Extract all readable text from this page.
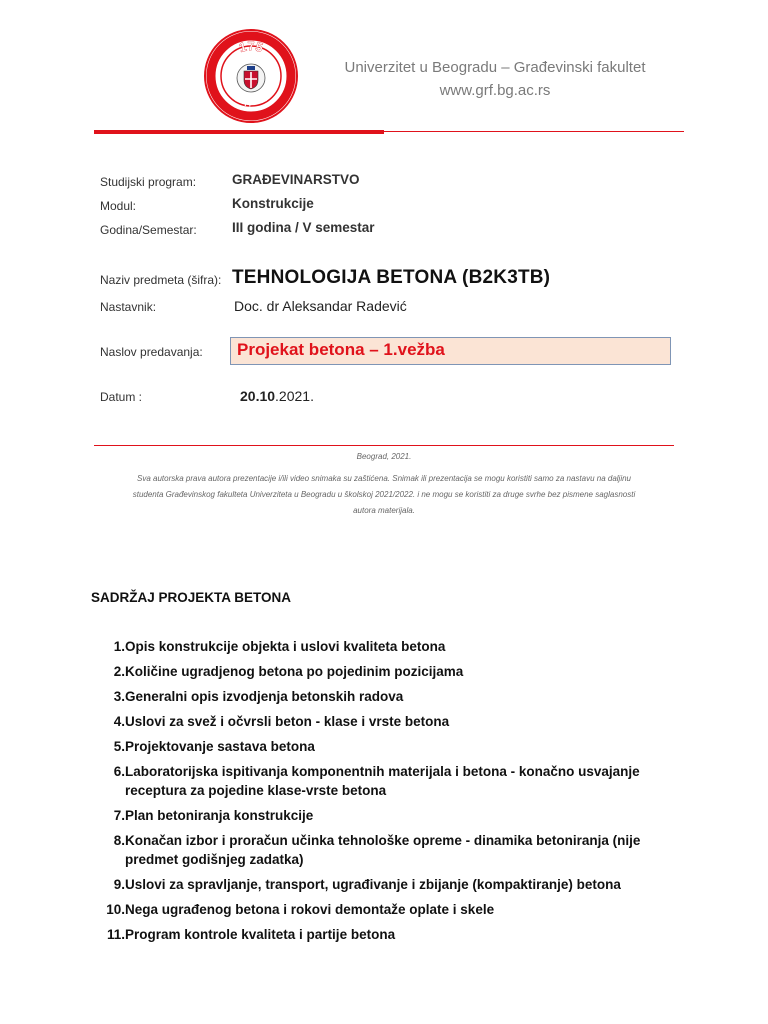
175
ГОДИНА
Univerzitet u Beogradu – Građevinski fakultet
www.grf.bg.ac.rs
Studijski program:	GRAĐEVINARSTVO
Modul:	Konstrukcije
Godina/Semestar:	III godina / V semestar
Naziv predmeta (šifra): TEHNOLOGIJA BETONA (B2K3TB)
Nastavnik:	Doc. dr Aleksandar Radević
Naslov predavanja: Projekat betona – 1.vežba
Datum :	20.10.2021.
Beograd, 2021.
Sva autorska prava autora prezentacije i/ili video snimaka su zaštićena. Snimak ili prezentacija se mogu koristiti samo za nastavu na daljinu
studenta Građevinskog fakulteta Univerziteta u Beogradu u školskoj 2021/2022. i ne mogu se koristiti za druge svrhe bez pismene saglasnosti
autora materijala.
SADRŽAJ PROJEKTA BETONA
1. Opis konstrukcije objekta i uslovi kvaliteta betona
2. Količine ugradjenog betona po pojedinim pozicijama
3. Generalni opis izvodjenja betonskih radova
4. Uslovi za svež i očvrsli beton - klase i vrste betona
5. Projektovanje sastava betona
6. Laboratorijska ispitivanja komponentnih materijala i betona - konačno usvajanje receptura za pojedine klase-vrste betona
7. Plan betoniranja konstrukcije
8. Konačan izbor i proračun učinka tehnološke opreme - dinamika betoniranja (nije predmet godišnjeg zadatka)
9. Uslovi za spravljanje, transport, ugrađivanje i zbijanje (kompaktiranje) betona
10. Nega ugrađenog betona i rokovi demontaže oplate i skele
11. Program kontrole kvaliteta i partije betona
